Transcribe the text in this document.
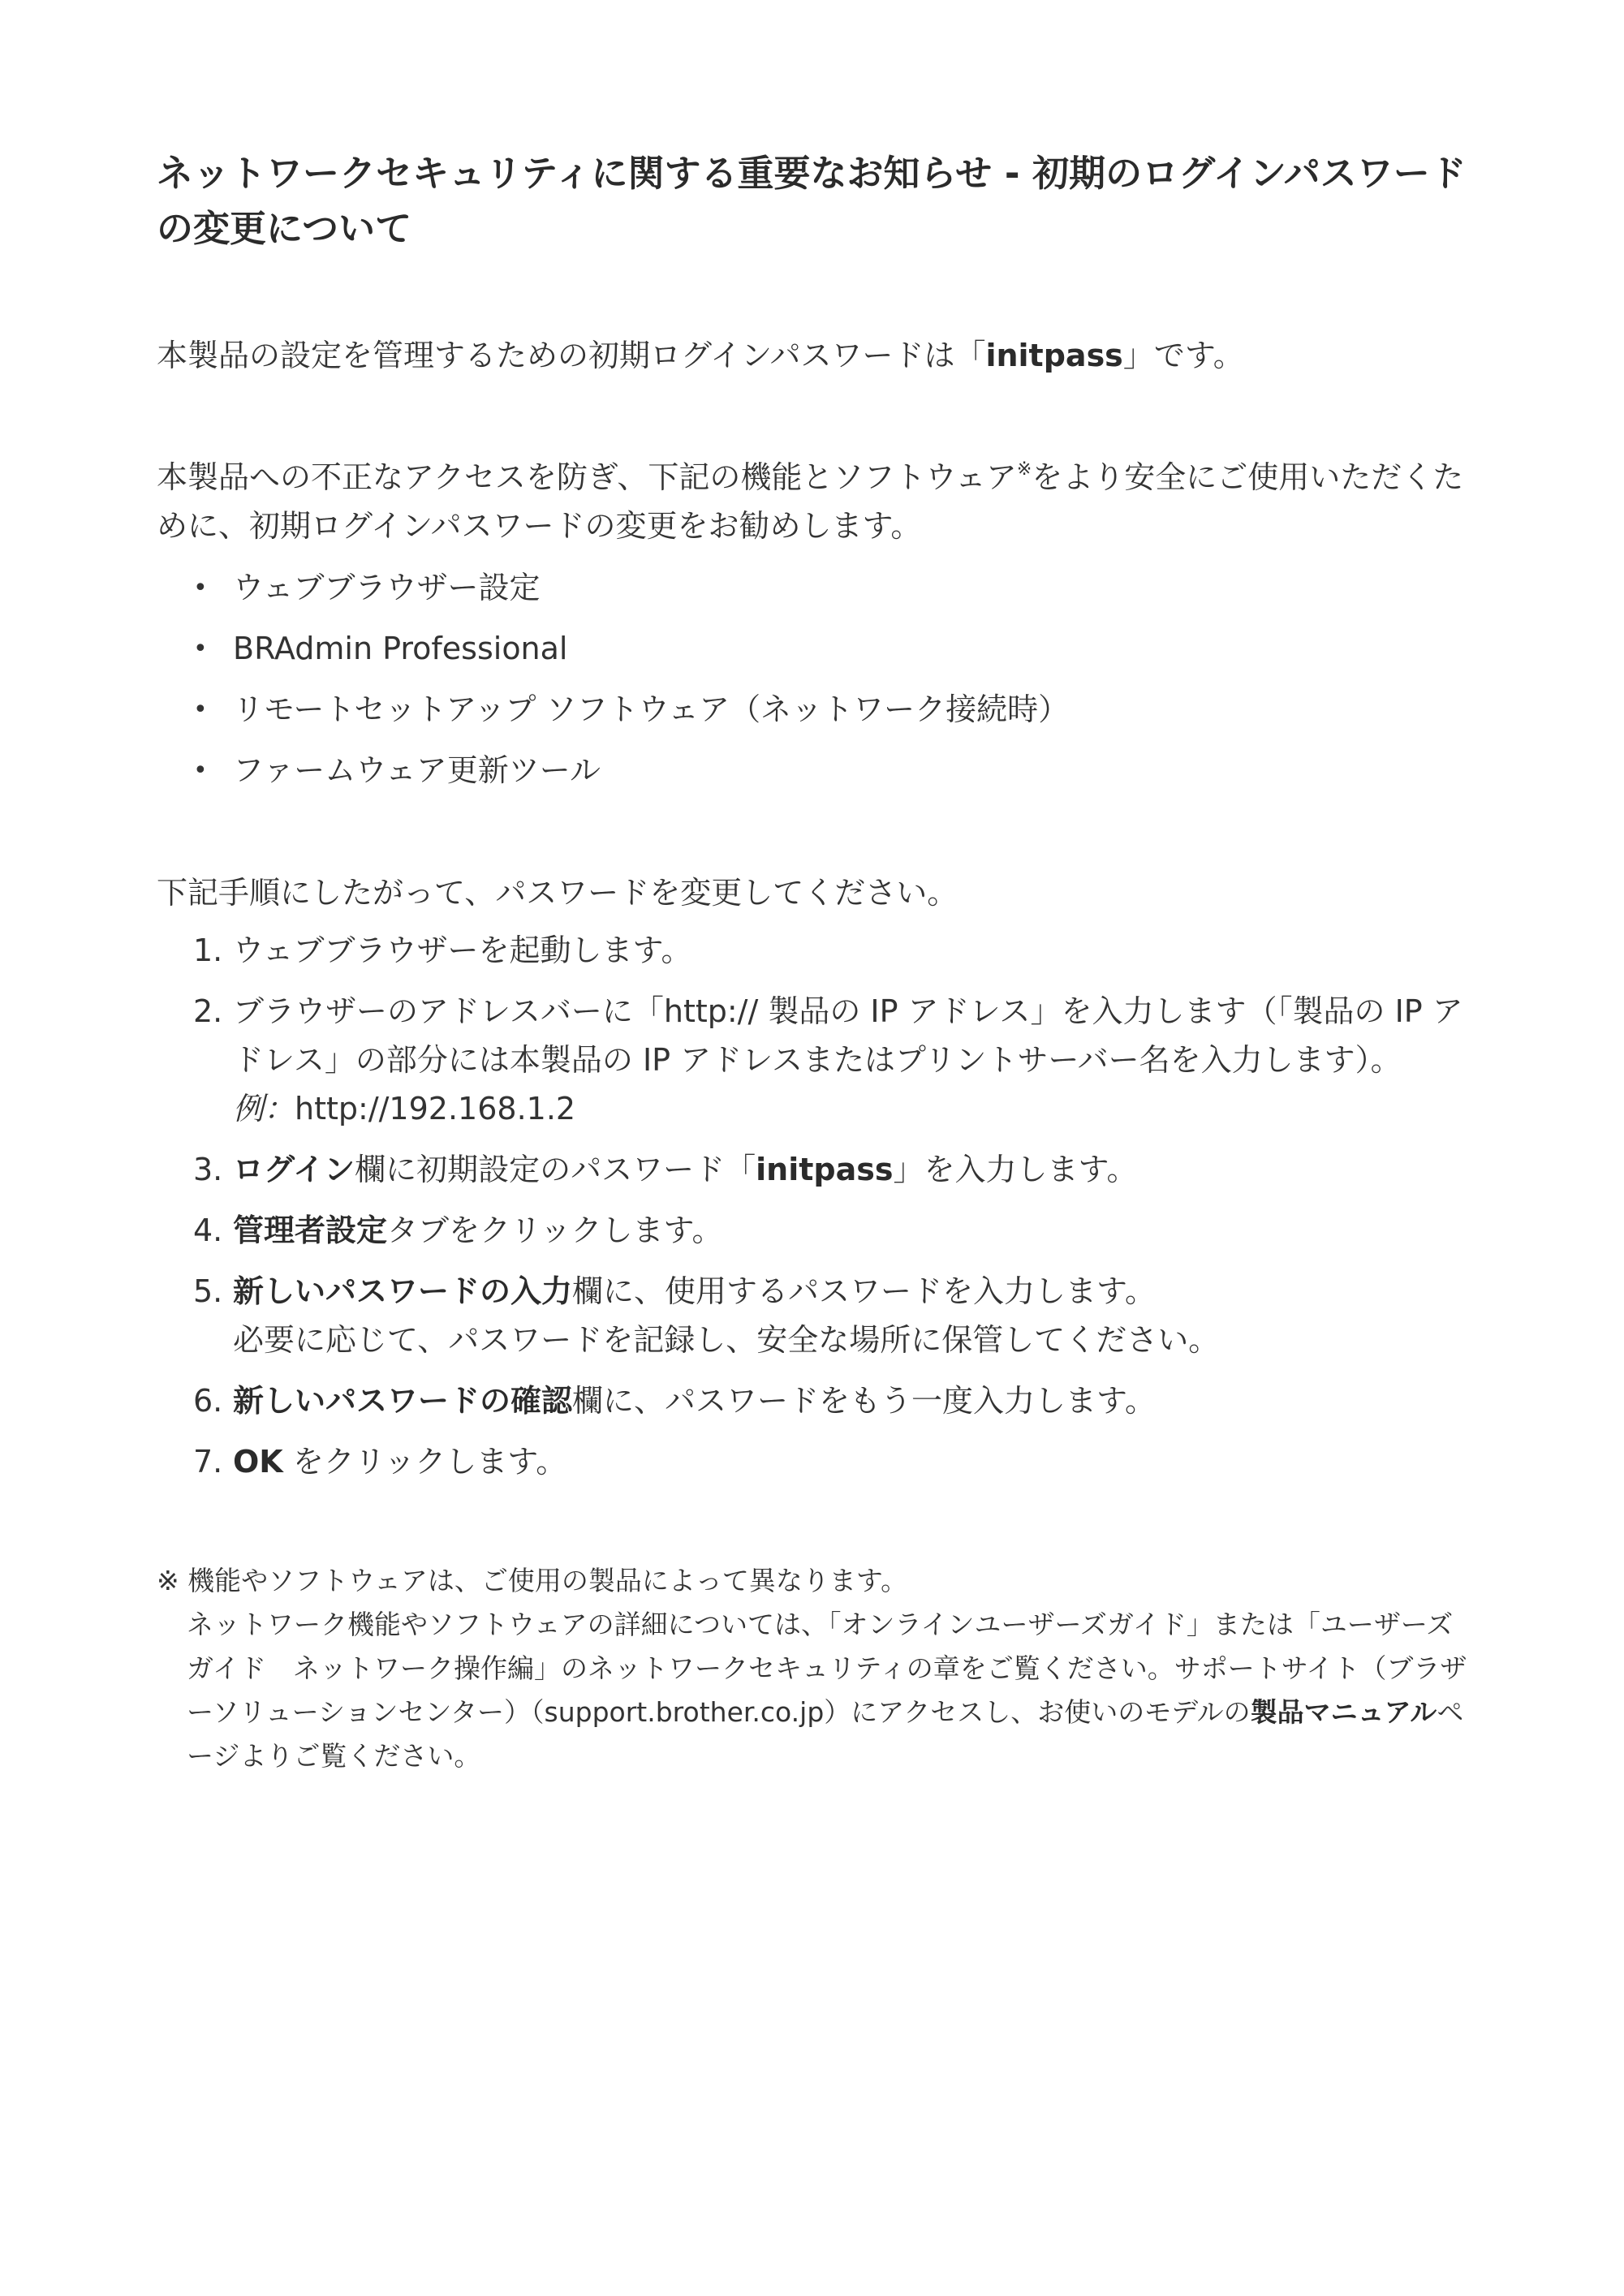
ネットワークセキュリティに関する重要なお知らせ - 初期のログインパスワードの変更について

本製品の設定を管理するための初期ログインパスワードは「initpass」です。

本製品への不正なアクセスを防ぎ、下記の機能とソフトウェア※をより安全にご使用いただくために、初期ログインパスワードの変更をお勧めします。

• ウェブブラウザー設定
• BRAdmin Professional
• リモートセットアップ ソフトウェア（ネットワーク接続時）
• ファームウェア更新ツール

下記手順にしたがって、パスワードを変更してください。

1. ウェブブラウザーを起動します。
2. ブラウザーのアドレスバーに「http:// 製品の IP アドレス」を入力します（「製品の IP アドレス」の部分には本製品の IP アドレスまたはプリントサーバー名を入力します）。
例：http://192.168.1.2
3. ログイン欄に初期設定のパスワード「initpass」を入力します。
4. 管理者設定タブをクリックします。
5. 新しいパスワードの入力欄に、使用するパスワードを入力します。
必要に応じて、パスワードを記録し、安全な場所に保管してください。
6. 新しいパスワードの確認欄に、パスワードをもう一度入力します。
7. OK をクリックします。

※ 機能やソフトウェアは、ご使用の製品によって異なります。

ネットワーク機能やソフトウェアの詳細については、「オンラインユーザーズガイド」または「ユーザーズガイド　ネットワーク操作編」のネットワークセキュリティの章をご覧ください。サポートサイト（ブラザーソリューションセンター）（support.brother.co.jp）にアクセスし、お使いのモデルの製品マニュアルページよりご覧ください。
